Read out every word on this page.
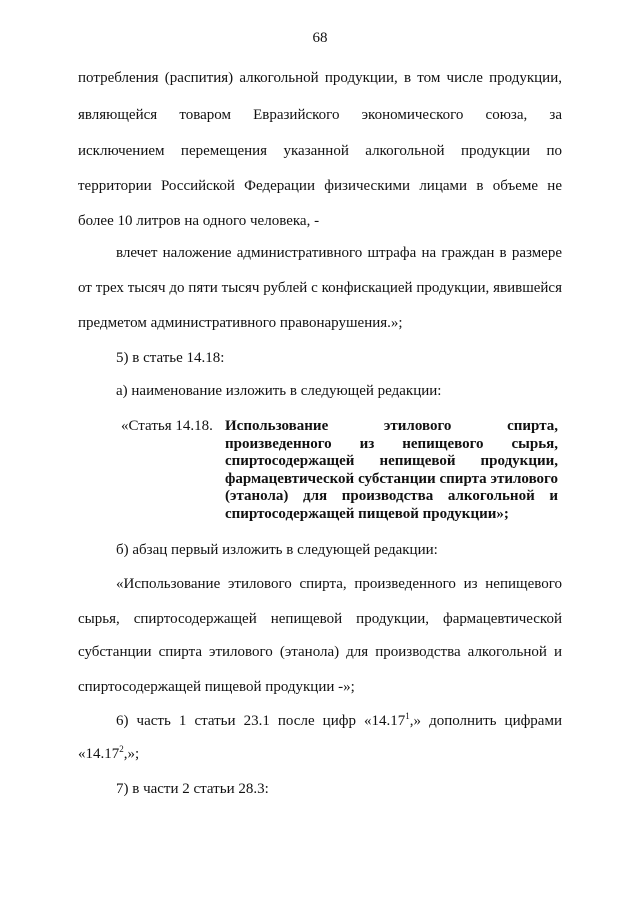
68
потребления (распития) алкогольной продукции, в том числе продукции,
являющейся товаром Евразийского экономического союза, за
исключением перемещения указанной алкогольной продукции по
территории Российской Федерации физическими лицами в объеме не
более 10 литров на одного человека, -
влечет наложение административного штрафа на граждан в размере
от трех тысяч до пяти тысяч рублей с конфискацией продукции, явившейся
предметом административного правонарушения.»;
5) в статье 14.18:
а) наименование изложить в следующей редакции:
«Статья 14.18. Использование этилового спирта,
произведенного из непищевого сырья,
спиртосодержащей непищевой продукции,
фармацевтической субстанции спирта этилового
(этанола) для производства алкогольной и
спиртосодержащей пищевой продукции»;
б) абзац первый изложить в следующей редакции:
«Использование этилового спирта, произведенного из непищевого
сырья, спиртосодержащей непищевой продукции, фармацевтической
субстанции спирта этилового (этанола) для производства алкогольной и
спиртосодержащей пищевой продукции -»;
6) часть 1 статьи 23.1 после цифр «14.17$^1$,» дополнить цифрами
«14.17$^2$,»;
7) в части 2 статьи 28.3:
